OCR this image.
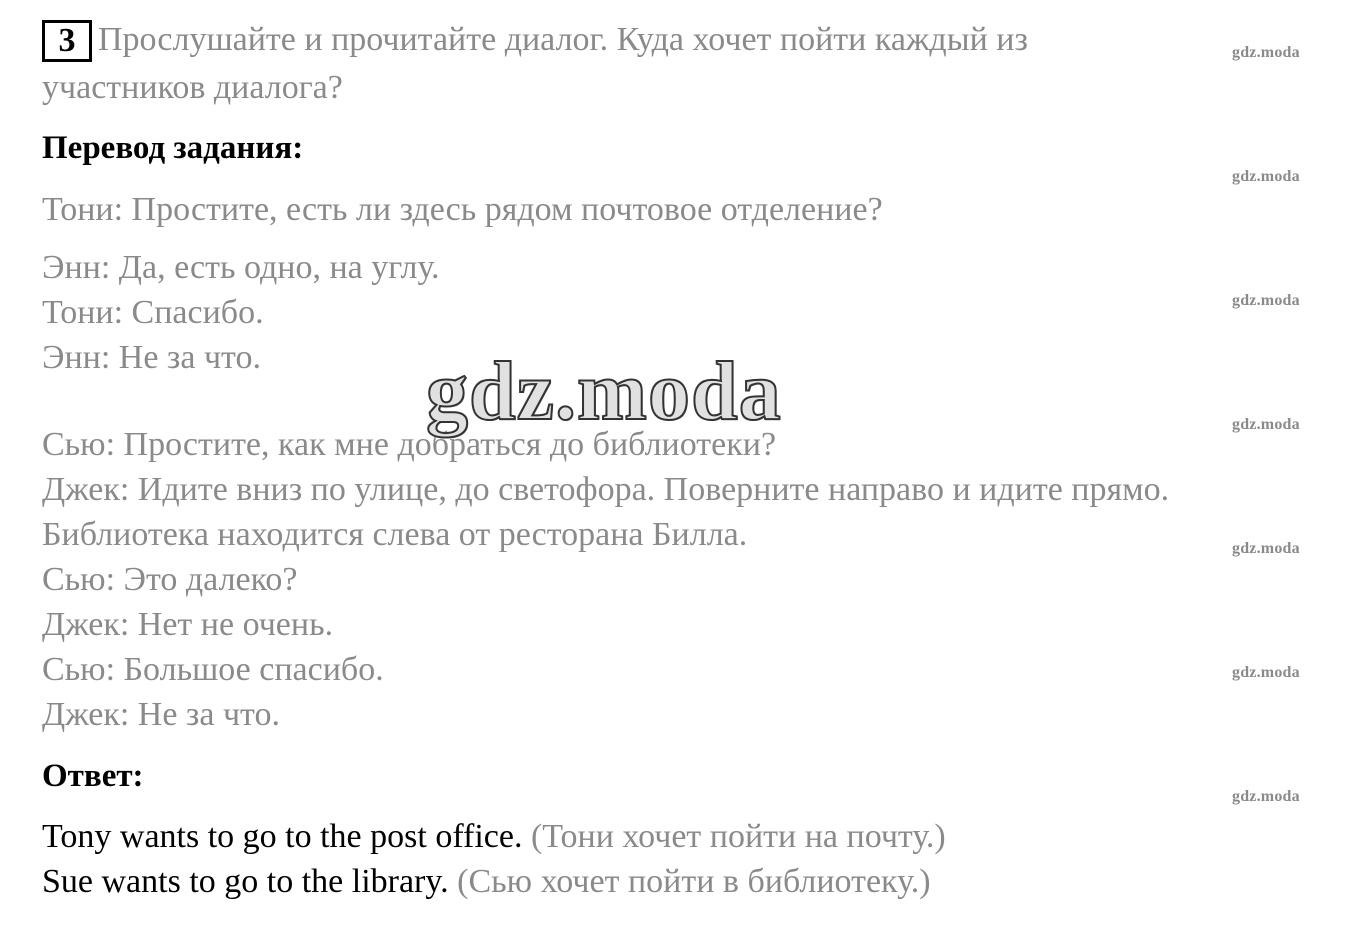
3 Прослушайте и прочитайте диалог. Куда хочет пойти каждый из
участников диалога?
Перевод задания:
Тони: Простите, есть ли здесь рядом почтовое отделение?
Энн: Да, есть одно, на углу.
Тони: Спасибо.
Энн: Не за что.
Сью: Простите, как мне добраться до библиотеки?
Джек: Идите вниз по улице, до светофора. Поверните направо и идите прямо.
Библиотека находится слева от ресторана Билла.
Сью: Это далеко?
Джек: Нет не очень.
Сью: Большое спасибо.
Джек: Не за что.
Ответ:
Tony wants to go to the post office. (Тони хочет пойти на почту.)
Sue wants to go to the library. (Сью хочет пойти в библиотеку.)
gdz.moda
gdz.moda
gdz.moda
gdz.moda
gdz.moda
gdz.moda
gdz.moda
gdz.moda
